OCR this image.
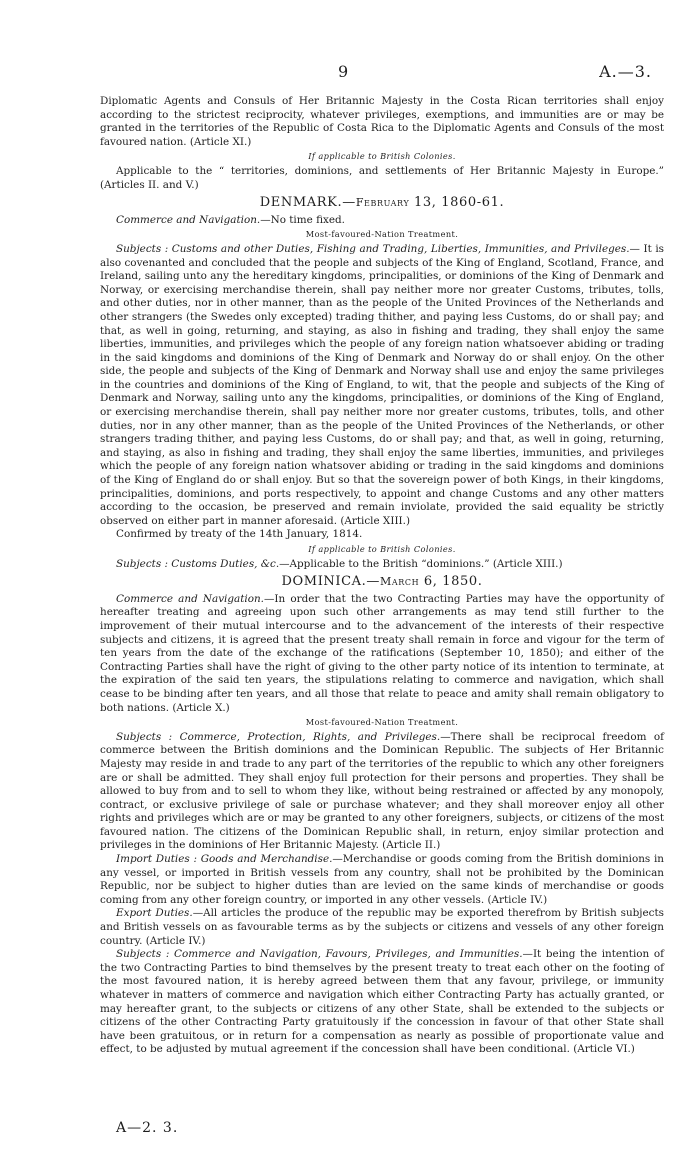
9	A.—3.

Diplomatic Agents and Consuls of Her Britannic Majesty in the Costa Rican territories shall enjoy according to the strictest reciprocity, whatever privileges, exemptions, and immunities are or may be granted in the territories of the Republic of Costa Rica to the Diplomatic Agents and Consuls of the most favoured nation. (Article XI.)

If applicable to British Colonies.

Applicable to the “ territories, dominions, and settlements of Her Britannic Majesty in Europe.” (Articles II. and V.)

DENMARK.—February 13, 1860-61.

Commerce and Navigation.—No time fixed.

Most-favoured-Nation Treatment.

Subjects : Customs and other Duties, Fishing and Trading, Liberties, Immunities, and Privileges.— It is also covenanted and concluded that the people and subjects of the King of England, Scotland, France, and Ireland, sailing unto any the hereditary kingdoms, principalities, or dominions of the King of Denmark and Norway, or exercising merchandise therein, shall pay neither more nor greater Customs, tributes, tolls, and other duties, nor in other manner, than as the people of the United Provinces of the Netherlands and other strangers (the Swedes only excepted) trading thither, and paying less Customs, do or shall pay; and that, as well in going, returning, and staying, as also in fishing and trading, they shall enjoy the same liberties, immunities, and privileges which the people of any foreign nation whatsoever abiding or trading in the said kingdoms and dominions of the King of Denmark and Norway do or shall enjoy. On the other side, the people and subjects of the King of Denmark and Norway shall use and enjoy the same privileges in the countries and dominions of the King of England, to wit, that the people and subjects of the King of Denmark and Norway, sailing unto any the kingdoms, principalities, or dominions of the King of England, or exercising merchandise therein, shall pay neither more nor greater customs, tributes, tolls, and other duties, nor in any other manner, than as the people of the United Provinces of the Netherlands, or other strangers trading thither, and paying less Customs, do or shall pay; and that, as well in going, returning, and staying, as also in fishing and trading, they shall enjoy the same liberties, immunities, and privileges which the people of any foreign nation whatsover abiding or trading in the said kingdoms and dominions of the King of England do or shall enjoy. But so that the sovereign power of both Kings, in their kingdoms, principalities, dominions, and ports respectively, to appoint and change Customs and any other matters according to the occasion, be preserved and remain inviolate, provided the said equality be strictly observed on either part in manner aforesaid. (Article XIII.)

Confirmed by treaty of the 14th January, 1814.

If applicable to British Colonies.

Subjects : Customs Duties, &c.—Applicable to the British “dominions.” (Article XIII.)

DOMINICA.—March 6, 1850.

Commerce and Navigation.—In order that the two Contracting Parties may have the opportunity of hereafter treating and agreeing upon such other arrangements as may tend still further to the improvement of their mutual intercourse and to the advancement of the interests of their respective subjects and citizens, it is agreed that the present treaty shall remain in force and vigour for the term of ten years from the date of the exchange of the ratifications (September 10, 1850); and either of the Contracting Parties shall have the right of giving to the other party notice of its intention to terminate, at the expiration of the said ten years, the stipulations relating to commerce and navigation, which shall cease to be binding after ten years, and all those that relate to peace and amity shall remain obligatory to both nations. (Article X.)

Most-favoured-Nation Treatment.

Subjects : Commerce, Protection, Rights, and Privileges.—There shall be reciprocal freedom of commerce between the British dominions and the Dominican Republic. The subjects of Her Britannic Majesty may reside in and trade to any part of the territories of the republic to which any other foreigners are or shall be admitted. They shall enjoy full protection for their persons and properties. They shall be allowed to buy from and to sell to whom they like, without being restrained or affected by any monopoly, contract, or exclusive privilege of sale or purchase whatever; and they shall moreover enjoy all other rights and privileges which are or may be granted to any other foreigners, subjects, or citizens of the most favoured nation. The citizens of the Dominican Republic shall, in return, enjoy similar protection and privileges in the dominions of Her Britannic Majesty. (Article II.)

Import Duties : Goods and Merchandise.—Merchandise or goods coming from the British dominions in any vessel, or imported in British vessels from any country, shall not be prohibited by the Dominican Republic, nor be subject to higher duties than are levied on the same kinds of merchandise or goods coming from any other foreign country, or imported in any other vessels. (Article IV.)

Export Duties.—All articles the produce of the republic may be exported therefrom by British subjects and British vessels on as favourable terms as by the subjects or citizens and vessels of any other foreign country. (Article IV.)

Subjects : Commerce and Navigation, Favours, Privileges, and Immunities.—It being the intention of the two Contracting Parties to bind themselves by the present treaty to treat each other on the footing of the most favoured nation, it is hereby agreed between them that any favour, privilege, or immunity whatever in matters of commerce and navigation which either Contracting Party has actually granted, or may hereafter grant, to the subjects or citizens of any other State, shall be extended to the subjects or citizens of the other Contracting Party gratuitously if the concession in favour of that other State shall have been gratuitous, or in return for a compensation as nearly as possible of proportionate value and effect, to be adjusted by mutual agreement if the concession shall have been conditional. (Article VI.)

A—2. 3.
